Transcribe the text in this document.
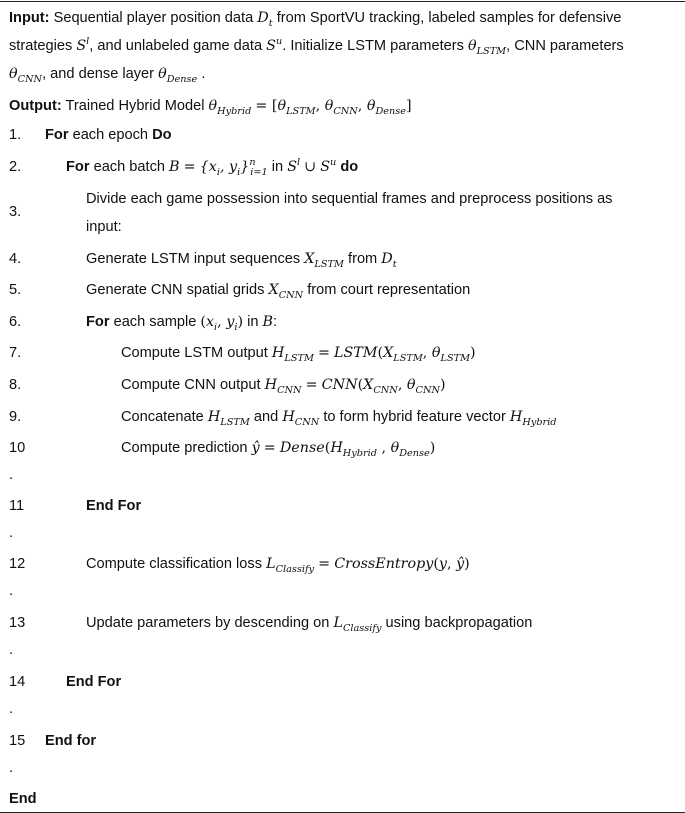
Input: Sequential player position data $D_t$ from SportVU tracking, labeled samples for defensive
strategies $S^l$, and unlabeled game data $S^u$. Initialize LSTM parameters $\theta_{LSTM}$, CNN parameters
$\theta_{CNN}$, and dense layer $\theta_{Dense}$ .
Output: Trained Hybrid Model $\theta_{Hybrid} = [\theta_{LSTM}$, $\theta_{CNN}$, $\theta_{Dense}$]
1. For each epoch Do
2.	For each batch $B = \{x_i$, $y_i\}^n_{i=1}$ in $S^l$ ∪ $S^u$ do
3.
Divide each game possession into sequential frames and preprocess positions as
input:
4.	Generate LSTM input sequences $X_{LSTM}$ from $D_t$
5.	Generate CNN spatial grids $X_{CNN}$ from court representation
6.	For each sample ($x_i$, $y_i$) in B:
7.	Compute LSTM output $H_{LSTM}$ = $LSTM(X_{LSTM}$, $\theta_{LSTM}$)
8.	Compute CNN output $H_{CNN} = CNN(X_{CNN}$, $\theta_{CNN}$)
9.	Concatenate $H_{LSTM}$ and $H_{CNN}$ to form hybrid feature vector $H_{Hybrid}$
10
.
Compute prediction ŷ = $Dense(H_{Hybrid}$ , $\theta_{Dense}$)
11
.
End For
12
.
Compute classification loss $L_{Classify}$ = CrossEntropy(y, ŷ)
13
.
Update parameters by descending on $L_{Classify}$ using backpropagation
14
.
End For
15
.
End for
End
